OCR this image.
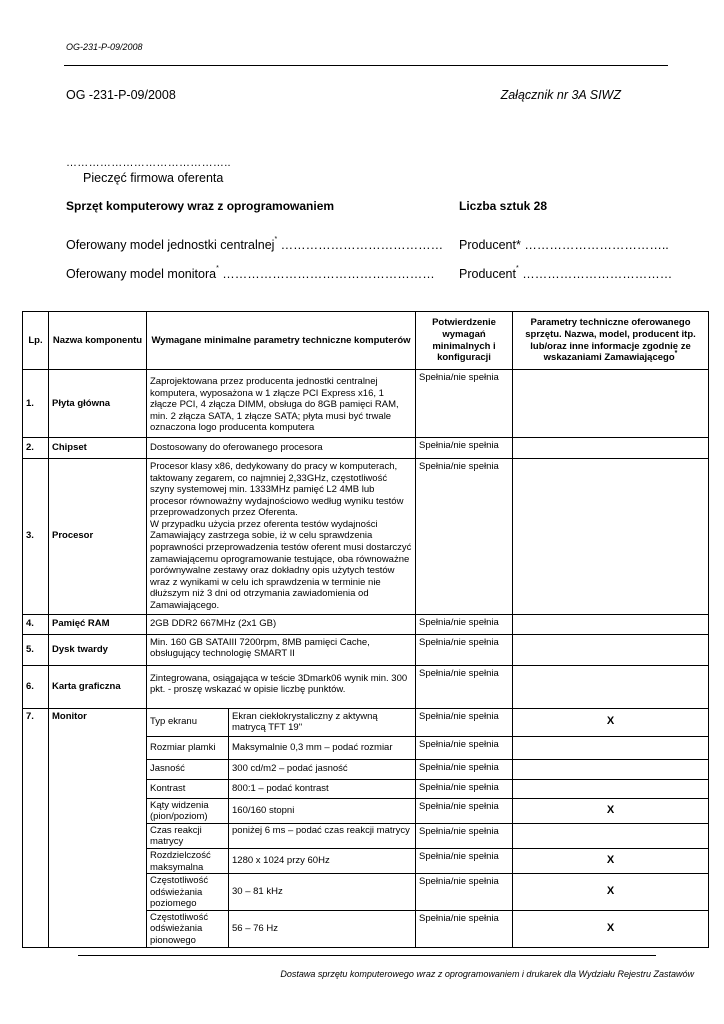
OG-231-P-09/2008
OG -231-P-09/2008	Załącznik nr 3A SIWZ
……………………………………..
Pieczęć firmowa oferenta
Sprzęt komputerowy wraz z oprogramowaniem	Liczba sztuk 28
Oferowany model jednostki centralnej* ………………………………… Producent* ……………………………..
Oferowany model monitora* …………………………………………… Producent* ………………………………
Lp.	Nazwa komponentu	Wymagane minimalne parametry techniczne komputerów		Potwierdzenie wymagań minimalnych i konfiguracji	Parametry techniczne oferowanego sprzętu. Nazwa, model, producent itp. lub/oraz inne informacje zgodnie ze wskazaniami Zamawiającego*
1.	Płyta główna	Zaprojektowana przez producenta jednostki centralnej komputera, wyposażona w 1 złącze PCI Express x16, 1 złącze PCI, 4 złącza DIMM, obsługa do 8GB pamięci RAM, min. 2 złącza SATA, 1 złącze SATA; płyta musi być trwale oznaczona logo producenta komputera		Spełnia/nie spełnia	
2.	Chipset	Dostosowany do oferowanego procesora		Spełnia/nie spełnia	
3.	Procesor	Procesor klasy x86, dedykowany do pracy w komputerach, taktowany zegarem, co najmniej 2,33GHz, częstotliwość szyny systemowej min. 1333MHz pamięć L2 4MB lub procesor równoważny wydajnościowo według wyniku testów przeprowadzonych przez Oferenta.
W przypadku użycia przez oferenta testów wydajności Zamawiający zastrzega sobie, iż w celu sprawdzenia poprawności przeprowadzenia testów oferent musi dostarczyć zamawiającemu oprogramowanie testujące, oba równoważne porównywalne zestawy oraz dokładny opis użytych testów wraz z wynikami w celu ich sprawdzenia w terminie nie dłuższym niż 3 dni od otrzymania zawiadomienia od Zamawiającego.		Spełnia/nie spełnia	
4.	Pamięć RAM	2GB DDR2 667MHz (2x1 GB)		Spełnia/nie spełnia	
5.	Dysk twardy	Min. 160 GB SATAIII 7200rpm, 8MB pamięci Cache, obsługujący technologię SMART II		Spełnia/nie spełnia	
6.	Karta graficzna	Zintegrowana, osiągająca w teście 3Dmark06 wynik min. 300 pkt. - proszę wskazać w opisie liczbę punktów.		Spełnia/nie spełnia	
7.	Monitor	Typ ekranu	Ekran ciekłokrystaliczny z aktywną matrycą TFT 19"	Spełnia/nie spełnia	X
		Rozmiar plamki	Maksymalnie 0,3 mm – podać rozmiar	Spełnia/nie spełnia	
		Jasność	300 cd/m2 – podać jasność	Spełnia/nie spełnia	
		Kontrast	800:1 – podać kontrast	Spełnia/nie spełnia	
		Kąty widzenia (pion/poziom)	160/160 stopni	Spełnia/nie spełnia	X
		Czas reakcji matrycy	poniżej 6 ms – podać czas reakcji matrycy	Spełnia/nie spełnia	
		Rozdzielczość maksymalna	1280 x 1024 przy 60Hz	Spełnia/nie spełnia	X
		Częstotliwość odświeżania poziomego	30 – 81 kHz	Spełnia/nie spełnia	X
		Częstotliwość odświeżania pionowego	56 – 76 Hz	Spełnia/nie spełnia	X
Dostawa sprzętu komputerowego wraz z oprogramowaniem i drukarek dla Wydziału Rejestru Zastawów
